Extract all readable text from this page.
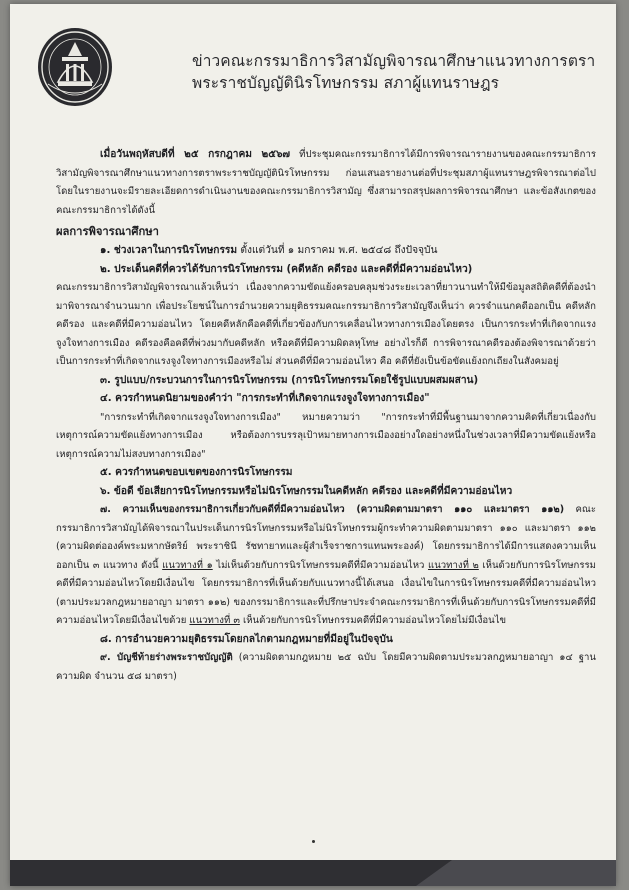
ข่าวคณะกรรมาธิการวิสามัญพิจารณาศึกษาแนวทางการตรา
พระราชบัญญัตินิรโทษกรรม สภาผู้แทนราษฎร

เมื่อวันพฤหัสบดีที่ ๒๕ กรกฎาคม ๒๕๖๗ ที่ประชุมคณะกรรมาธิการได้มีการพิจารณารายงานของคณะกรรมาธิการวิสามัญพิจารณาศึกษาแนวทางการตราพระราชบัญญัตินิรโทษกรรม ก่อนเสนอรายงานต่อที่ประชุมสภาผู้แทนราษฎรพิจารณาต่อไป โดยในรายงานจะมีรายละเอียดการดำเนินงานของคณะกรรมาธิการวิสามัญ ซึ่งสามารถสรุปผลการพิจารณาศึกษา และข้อสังเกตของคณะกรรมาธิการได้ดังนี้

ผลการพิจารณาศึกษา
๑. ช่วงเวลาในการนิรโทษกรรม ตั้งแต่วันที่ ๑ มกราคม พ.ศ. ๒๕๔๘ ถึงปัจจุบัน
๒. ประเด็นคดีที่ควรได้รับการนิรโทษกรรม (คดีหลัก คดีรอง และคดีที่มีความอ่อนไหว)

คณะกรรมาธิการวิสามัญพิจารณาแล้วเห็นว่า เนื่องจากความขัดแย้งครอบคลุมช่วงระยะเวลาที่ยาวนานทำให้มีข้อมูลสถิติคดีที่ต้องนำมาพิจารณาจำนวนมาก เพื่อประโยชน์ในการอำนวยความยุติธรรมคณะกรรมาธิการวิสามัญจึงเห็นว่า ควรจำแนกคดีออกเป็น คดีหลัก คดีรอง และคดีที่มีความอ่อนไหว โดยคดีหลักคือคดีที่เกี่ยวข้องกับการเคลื่อนไหวทางการเมืองโดยตรง เป็นการกระทำที่เกิดจากแรงจูงใจทางการเมือง คดีรองคือคดีที่พ่วงมากับคดีหลัก หรือคดีที่มีความผิดลหุโทษ อย่างไรก็ดี การพิจารณาคดีรองต้องพิจารณาด้วยว่าเป็นการกระทำที่เกิดจากแรงจูงใจทางการเมืองหรือไม่ ส่วนคดีที่มีความอ่อนไหว คือ คดีที่ยังเป็นข้อขัดแย้งถกเถียงในสังคมอยู่

๓. รูปแบบ/กระบวนการในการนิรโทษกรรม (การนิรโทษกรรมโดยใช้รูปแบบผสมผสาน)
๔. ควรกำหนดนิยามของคำว่า "การกระทำที่เกิดจากแรงจูงใจทางการเมือง"

"การกระทำที่เกิดจากแรงจูงใจทางการเมือง" หมายความว่า "การกระทำที่มีพื้นฐานมาจากความคิดที่เกี่ยวเนื่องกับเหตุการณ์ความขัดแย้งทางการเมือง หรือต้องการบรรลุเป้าหมายทางการเมืองอย่างใดอย่างหนึ่งในช่วงเวลาที่มีความขัดแย้งหรือเหตุการณ์ความไม่สงบทางการเมือง"

๕. ควรกำหนดขอบเขตของการนิรโทษกรรม
๖. ข้อดี ข้อเสียการนิรโทษกรรมหรือไม่นิรโทษกรรมในคดีหลัก คดีรอง และคดีที่มีความอ่อนไหว

๗. ความเห็นของกรรมาธิการเกี่ยวกับคดีที่มีความอ่อนไหว (ความผิดตามมาตรา ๑๑๐ และมาตรา ๑๑๒) คณะกรรมาธิการวิสามัญได้พิจารณาในประเด็นการนิรโทษกรรมหรือไม่นิรโทษกรรมผู้กระทำความผิดตามมาตรา ๑๑๐ และมาตรา ๑๑๒ (ความผิดต่อองค์พระมหากษัตริย์ พระราชินี รัชทายาทและผู้สำเร็จราชการแทนพระองค์) โดยกรรมาธิการได้มีการแสดงความเห็นออกเป็น ๓ แนวทาง ดังนี้ แนวทางที่ ๑ ไม่เห็นด้วยกับการนิรโทษกรรมคดีที่มีความอ่อนไหว แนวทางที่ ๒ เห็นด้วยกับการนิรโทษกรรมคดีที่มีความอ่อนไหวโดยมีเงื่อนไข โดยกรรมาธิการที่เห็นด้วยกับแนวทางนี้ได้เสนอ เงื่อนไขในการนิรโทษกรรมคดีที่มีความอ่อนไหว (ตามประมวลกฎหมายอาญา มาตรา ๑๑๒) ของกรรมาธิการและที่ปรึกษาประจำคณะกรรมาธิการที่เห็นด้วยกับการนิรโทษกรรมคดีที่มีความอ่อนไหวโดยมีเงื่อนไขด้วย แนวทางที่ ๓ เห็นด้วยกับการนิรโทษกรรมคดีที่มีความอ่อนไหวโดยไม่มีเงื่อนไข

๘. การอำนวยความยุติธรรมโดยกลไกตามกฎหมายที่มีอยู่ในปัจจุบัน

๙. บัญชีท้ายร่างพระราชบัญญัติ (ความผิดตามกฎหมาย ๒๕ ฉบับ โดยมีความผิดตามประมวลกฎหมายอาญา ๑๔ ฐานความผิด จำนวน ๕๘ มาตรา)
